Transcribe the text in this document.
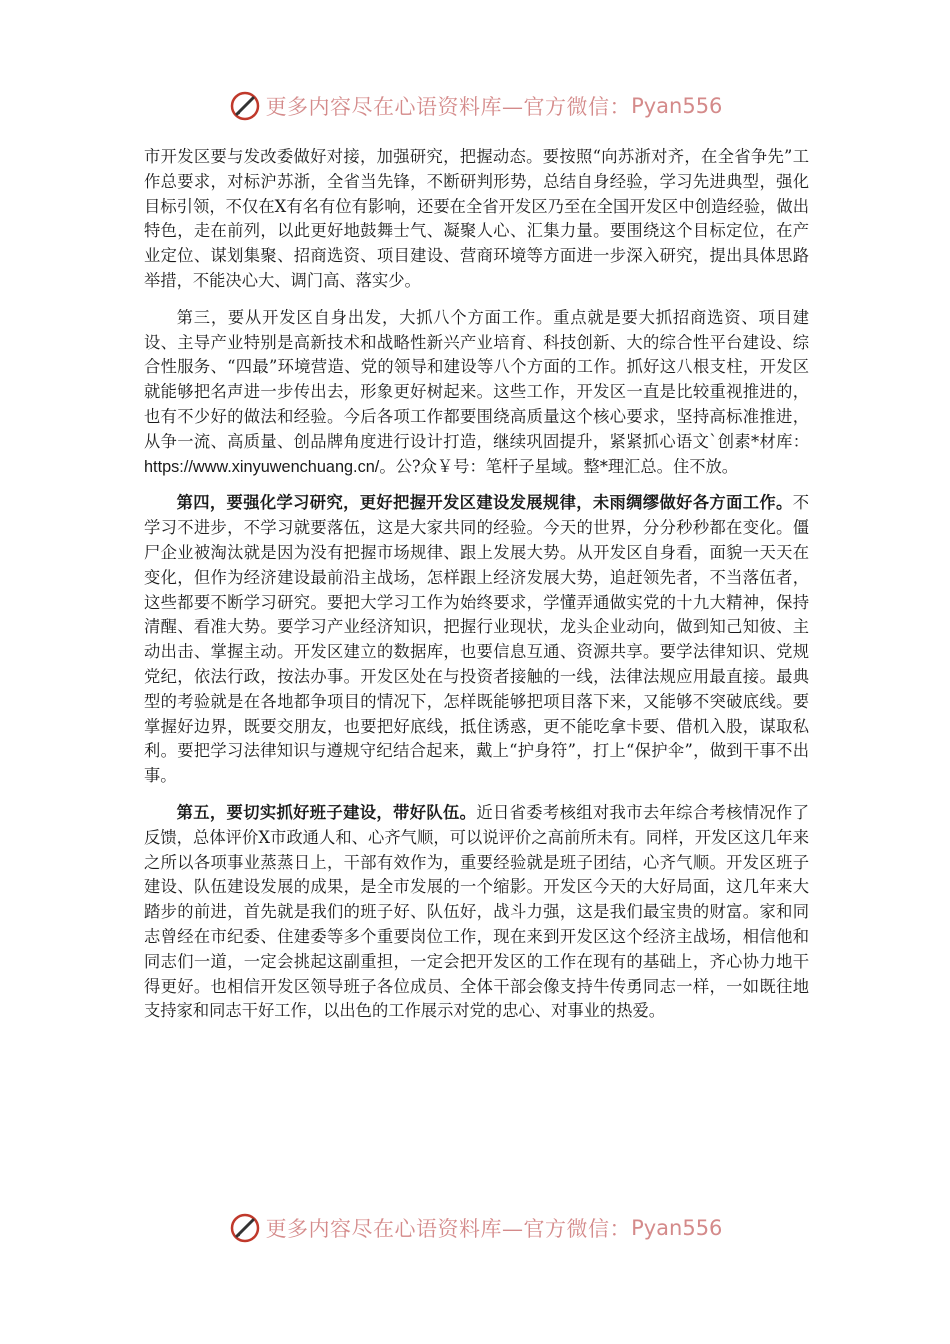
更多内容尽在心语资料库—官方微信： Pyan556

市开发区要与发改委做好对接，加强研究，把握动态。要按照“向苏浙对齐，在全省争先”工作总要求，对标沪苏浙，全省当先锋，不断研判形势，总结自身经验，学习先进典型，强化目标引领，不仅在X有名有位有影响，还要在全省开发区乃至在全国开发区中创造经验，做出特色，走在前列，以此更好地鼓舞士气、凝聚人心、汇集力量。要围绕这个目标定位，在产业定位、谋划集聚、招商选资、项目建设、营商环境等方面进一步深入研究，提出具体思路举措，不能决心大、调门高、落实少。

第三，要从开发区自身出发，大抓八个方面工作。重点就是要大抓招商选资、项目建设、主导产业特别是高新技术和战略性新兴产业培育、科技创新、大的综合性平台建设、综合性服务、“四最”环境营造、党的领导和建设等八个方面的工作。抓好这八根支柱，开发区就能够把名声进一步传出去，形象更好树起来。这些工作，开发区一直是比较重视推进的，也有不少好的做法和经验。今后各项工作都要围绕高质量这个核心要求，坚持高标准推进，从争一流、高质量、创品牌角度进行设计打造，继续巩固提升，紧紧抓心语文`创素*材库：https://www.xinyuwenchuang.cn/。公?众￥号：笔杆子星域。整*理汇总。住不放。

第四，要强化学习研究，更好把握开发区建设发展规律，未雨绸缪做好各方面工作。不学习不进步，不学习就要落伍，这是大家共同的经验。今天的世界，分分秒秒都在变化。僵尸企业被淘汰就是因为没有把握市场规律、跟上发展大势。从开发区自身看，面貌一天天在变化，但作为经济建设最前沿主战场，怎样跟上经济发展大势，追赶领先者，不当落伍者，这些都要不断学习研究。要把大学习工作为始终要求，学懂弄通做实党的十九大精神，保持清醒、看准大势。要学习产业经济知识，把握行业现状，龙头企业动向，做到知己知彼、主动出击、掌握主动。开发区建立的数据库，也要信息互通、资源共享。要学法律知识、党规党纪，依法行政，按法办事。开发区处在与投资者接触的一线，法律法规应用最直接。最典型的考验就是在各地都争项目的情况下，怎样既能够把项目落下来，又能够不突破底线。要掌握好边界，既要交朋友，也要把好底线，抵住诱惑，更不能吃拿卡要、借机入股，谋取私利。要把学习法律知识与遵规守纪结合起来，戴上“护身符”，打上“保护伞”，做到干事不出事。

第五，要切实抓好班子建设，带好队伍。近日省委考核组对我市去年综合考核情况作了反馈，总体评价X市政通人和、心齐气顺，可以说评价之高前所未有。同样，开发区这几年来之所以各项事业蒸蒸日上，干部有效作为，重要经验就是班子团结，心齐气顺。开发区班子建设、队伍建设发展的成果，是全市发展的一个缩影。开发区今天的大好局面，这几年来大踏步的前进，首先就是我们的班子好、队伍好，战斗力强，这是我们最宝贵的财富。家和同志曾经在市纪委、住建委等多个重要岗位工作，现在来到开发区这个经济主战场，相信他和同志们一道，一定会挑起这副重担，一定会把开发区的工作在现有的基础上，齐心协力地干得更好。也相信开发区领导班子各位成员、全体干部会像支持牛传勇同志一样，一如既往地支持家和同志干好工作，以出色的工作展示对党的忠心、对事业的热爱。

更多内容尽在心语资料库—官方微信： Pyan556
